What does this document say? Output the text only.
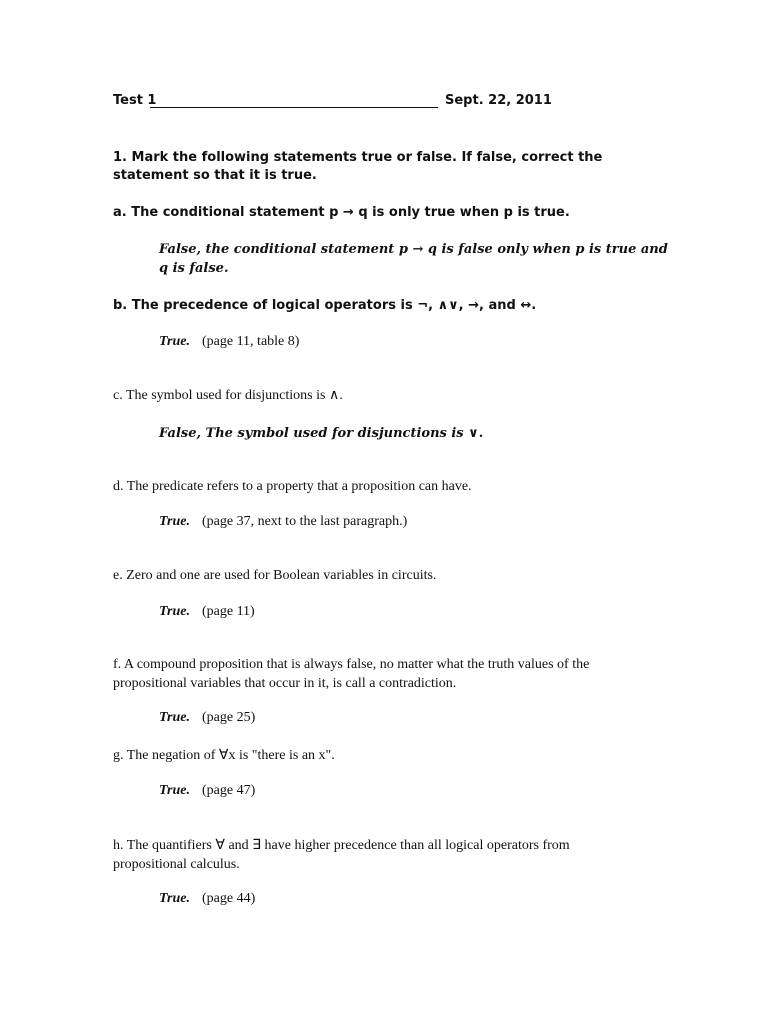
Test 1	Sept. 22, 2011
1. Mark the following statements true or false. If false, correct the statement so that it is true.
a. The conditional statement p → q is only true when p is true.
False, the conditional statement p → q is false only when p is true and q is false.
b. The precedence of logical operators is ¬, ∧∨, →, and ↔.
True. (page 11, table 8)
c. The symbol used for disjunctions is ∧.
False, The symbol used for disjunctions is ∨.
d. The predicate refers to a property that a proposition can have.
True. (page 37, next to the last paragraph.)
e. Zero and one are used for Boolean variables in circuits.
True. (page 11)
f. A compound proposition that is always false, no matter what the truth values of the propositional variables that occur in it, is call a contradiction.
True. (page 25)
g. The negation of ∀x is "there is an x".
True. (page 47)
h. The quantifiers ∀ and ∃ have higher precedence than all logical operators from propositional calculus.
True. (page 44)
